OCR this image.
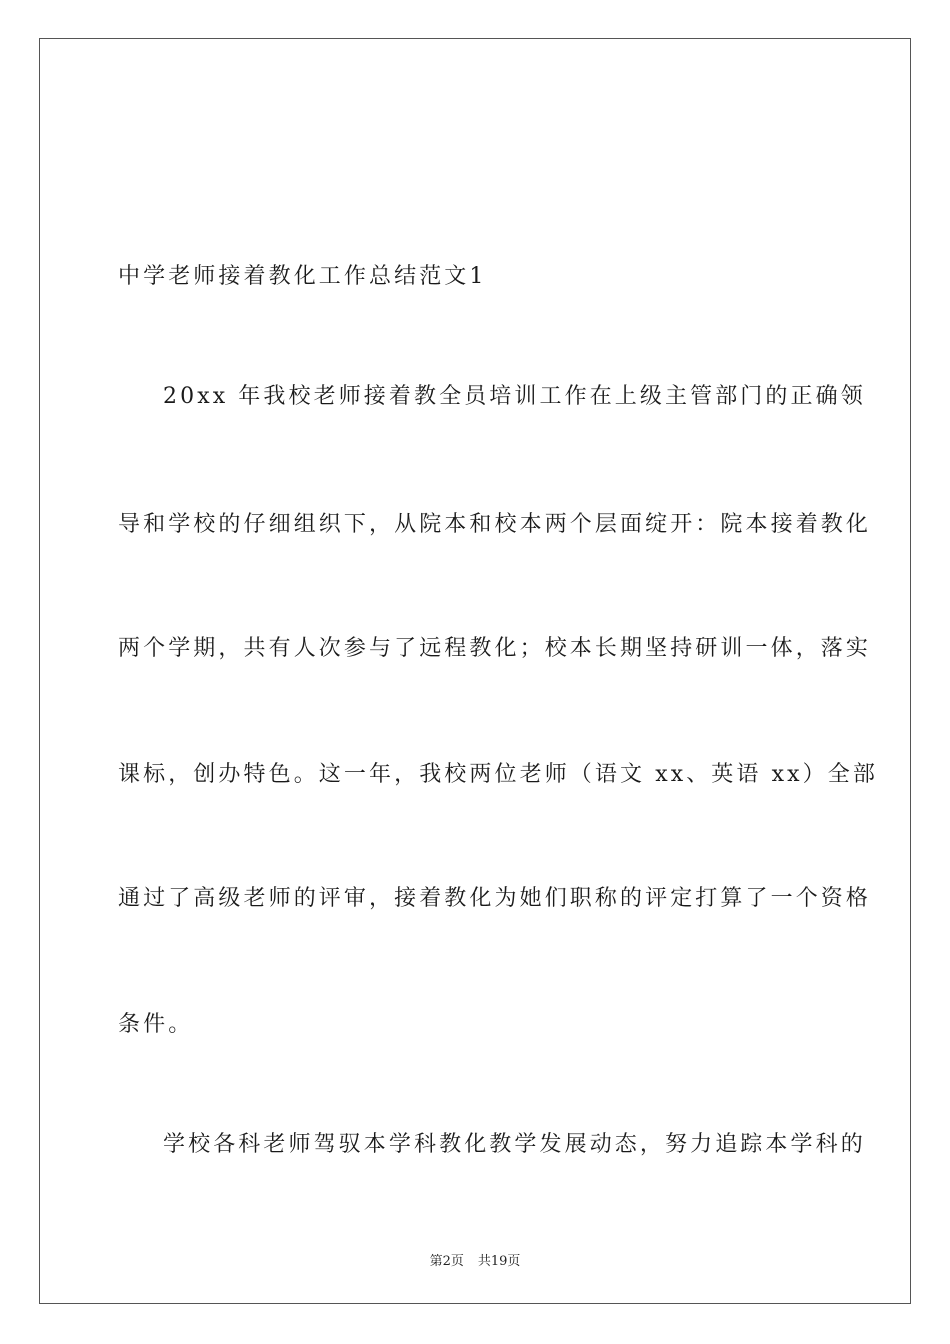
中学老师接着教化工作总结范文1
20xx 年我校老师接着教全员培训工作在上级主管部门的正确领
导和学校的仔细组织下，从院本和校本两个层面绽开：院本接着教化
两个学期，共有人次参与了远程教化；校本长期坚持研训一体，落实
课标，创办特色。这一年，我校两位老师（语文 xx、英语 xx）全部
通过了高级老师的评审，接着教化为她们职称的评定打算了一个资格
条件。
学校各科老师驾驭本学科教化教学发展动态，努力追踪本学科的
第2页 共19页
